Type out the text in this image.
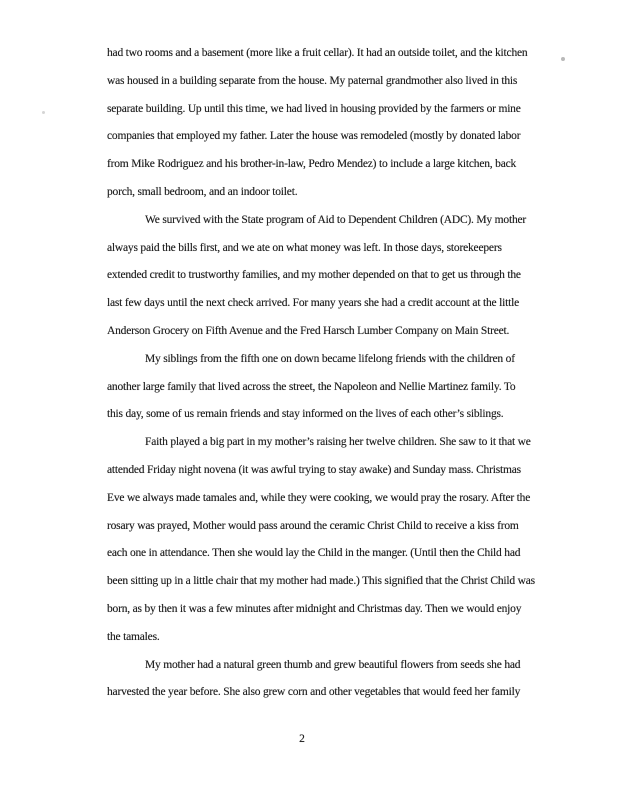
had two rooms and a basement (more like a fruit cellar). It had an outside toilet, and the kitchen
was housed in a building separate from the house. My paternal grandmother also lived in this
separate building. Up until this time, we had lived in housing provided by the farmers or mine
companies that employed my father. Later the house was remodeled (mostly by donated labor
from Mike Rodriguez and his brother-in-law, Pedro Mendez) to include a large kitchen, back
porch, small bedroom, and an indoor toilet.
We survived with the State program of Aid to Dependent Children (ADC). My mother
always paid the bills first, and we ate on what money was left. In those days, storekeepers
extended credit to trustworthy families, and my mother depended on that to get us through the
last few days until the next check arrived. For many years she had a credit account at the little
Anderson Grocery on Fifth Avenue and the Fred Harsch Lumber Company on Main Street.
My siblings from the fifth one on down became lifelong friends with the children of
another large family that lived across the street, the Napoleon and Nellie Martinez family. To
this day, some of us remain friends and stay informed on the lives of each other’s siblings.
Faith played a big part in my mother’s raising her twelve children. She saw to it that we
attended Friday night novena (it was awful trying to stay awake) and Sunday mass. Christmas
Eve we always made tamales and, while they were cooking, we would pray the rosary. After the
rosary was prayed, Mother would pass around the ceramic Christ Child to receive a kiss from
each one in attendance. Then she would lay the Child in the manger. (Until then the Child had
been sitting up in a little chair that my mother had made.) This signified that the Christ Child was
born, as by then it was a few minutes after midnight and Christmas day. Then we would enjoy
the tamales.
My mother had a natural green thumb and grew beautiful flowers from seeds she had
harvested the year before. She also grew corn and other vegetables that would feed her family
2
